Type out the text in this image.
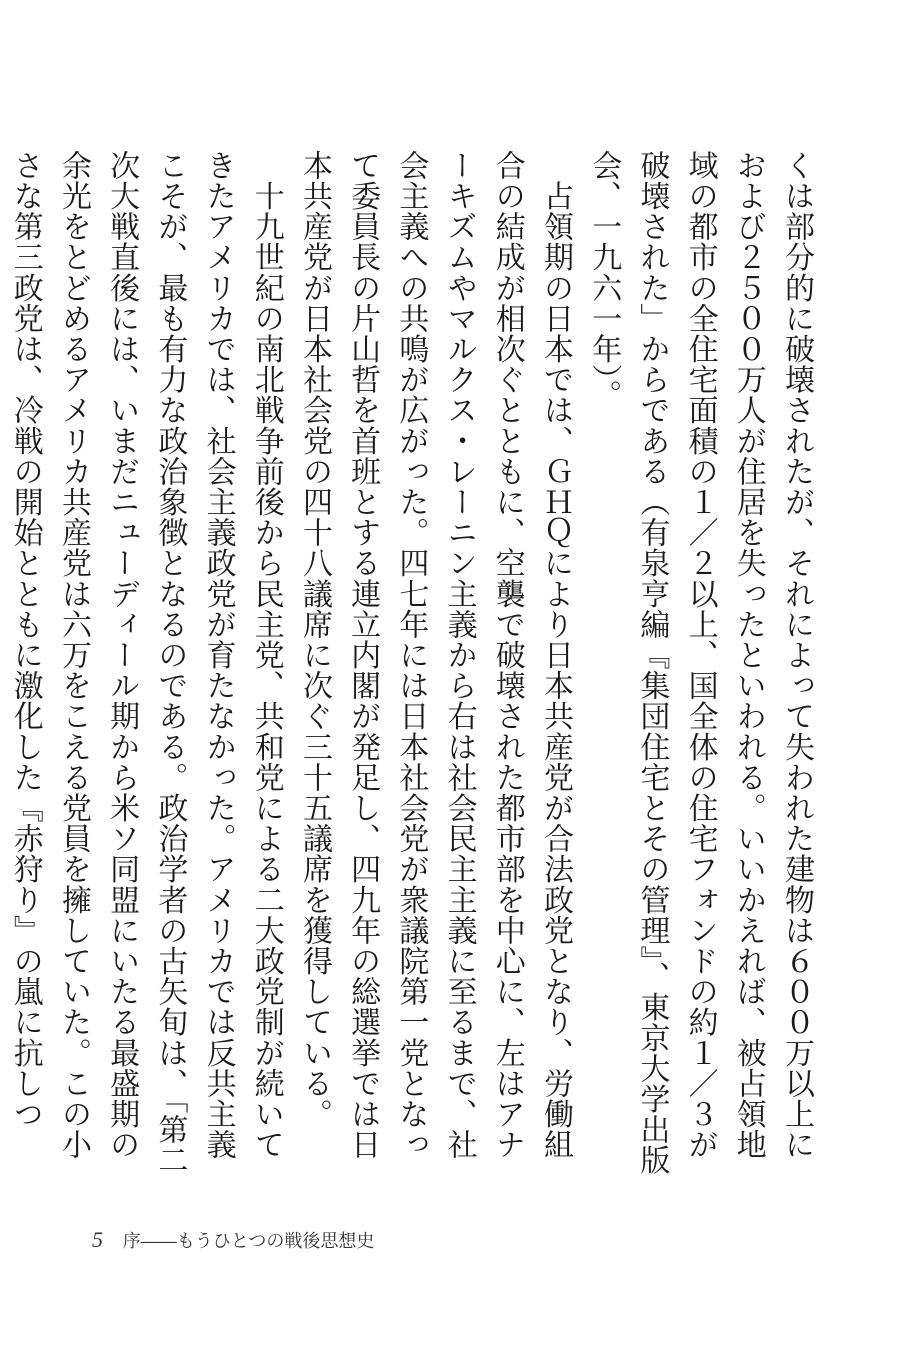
くは部分的に破壊されたが、それによって失われた建物は６００万以上におよび２５００万人が住居を失ったといわれる。いいかえれば、被占領地域の都市の全住宅面積の１／２以上、国全体の住宅フォンドの約１／３が破壊された」からである（有泉亨編『集団住宅とその管理』、東京大学出版会、一九六一年）。

　占領期の日本では、ＧＨＱにより日本共産党が合法政党となり、労働組合の結成が相次ぐとともに、空襲で破壊された都市部を中心に、左はアナーキズムやマルクス・レーニン主義から右は社会民主主義に至るまで、社会主義への共鳴が広がった。四七年には日本社会党が衆議院第一党となって委員長の片山哲を首班とする連立内閣が発足し、四九年の総選挙では日本共産党が日本社会党の四十八議席に次ぐ三十五議席を獲得している。

　十九世紀の南北戦争前後から民主党、共和党による二大政党制が続いてきたアメリカでは、社会主義政党が育たなかった。アメリカでは反共主義こそが、最も有力な政治象徴となるのである。政治学者の古矢旬は、「第二次大戦直後には、いまだニューディール期から米ソ同盟にいたる最盛期の余光をとどめるアメリカ共産党は六万をこえる党員を擁していた。この小さな第三政党は、冷戦の開始とともに激化した『赤狩り』の嵐に抗しつ

5 序――もうひとつの戦後思想史
